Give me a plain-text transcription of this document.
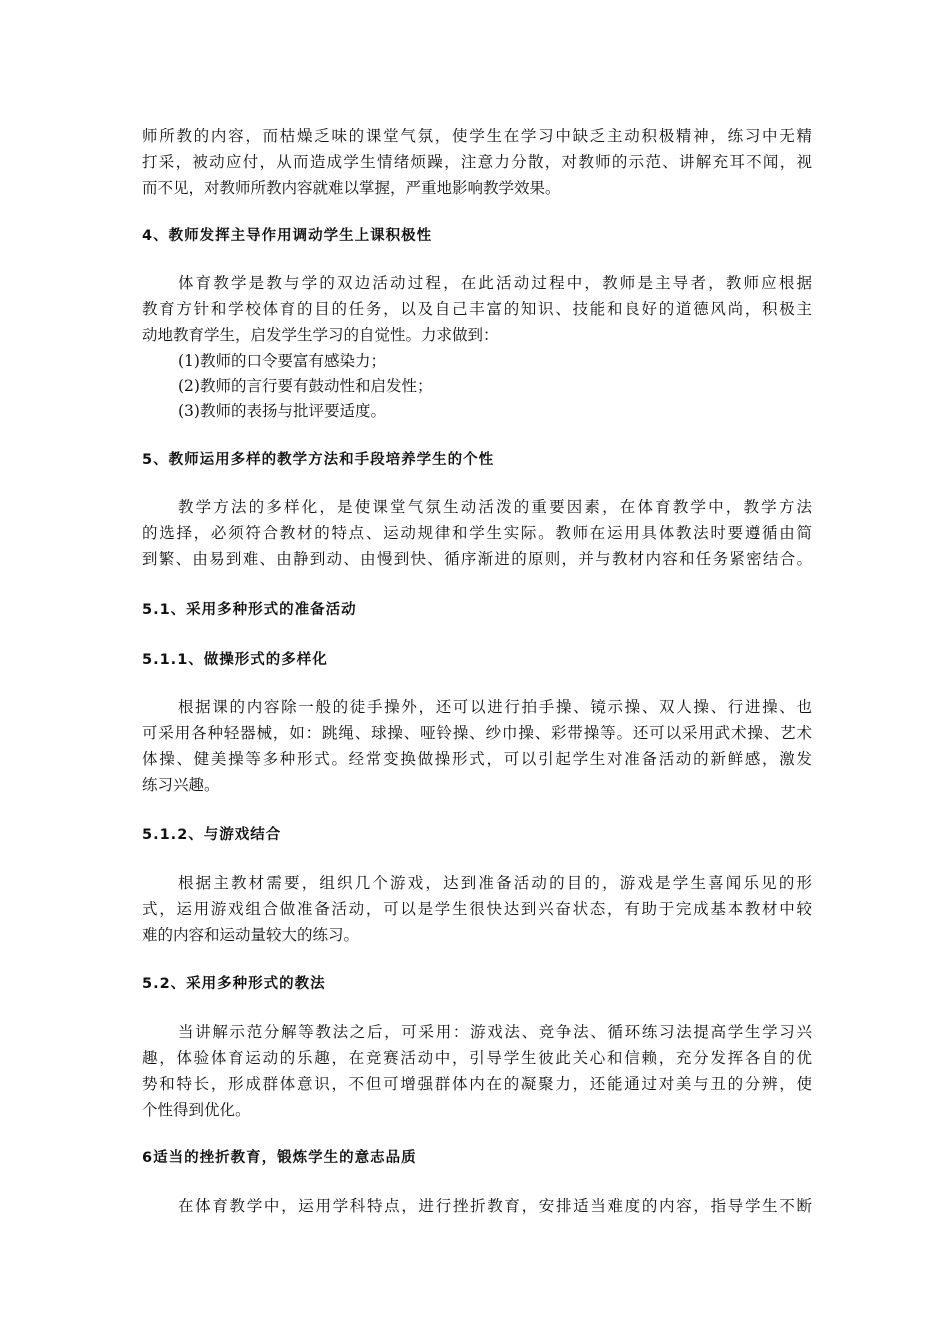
师所教的内容，而枯燥乏味的课堂气氛，使学生在学习中缺乏主动积极精神，练习中无精
打采，被动应付，从而造成学生情绪烦躁，注意力分散，对教师的示范、讲解充耳不闻，视
而不见，对教师所教内容就难以掌握，严重地影响教学效果。
4、教师发挥主导作用调动学生上课积极性
体育教学是教与学的双边活动过程，在此活动过程中，教师是主导者，教师应根据
教育方针和学校体育的目的任务，以及自己丰富的知识、技能和良好的道德风尚，积极主
动地教育学生，启发学生学习的自觉性。力求做到：
(1)教师的口令要富有感染力；
(2)教师的言行要有鼓动性和启发性；
(3)教师的表扬与批评要适度。
5、教师运用多样的教学方法和手段培养学生的个性
教学方法的多样化，是使课堂气氛生动活泼的重要因素，在体育教学中，教学方法
的选择，必须符合教材的特点、运动规律和学生实际。教师在运用具体教法时要遵循由简
到繁、由易到难、由静到动、由慢到快、循序渐进的原则，并与教材内容和任务紧密结合。
5.1、采用多种形式的准备活动
5.1.1、做操形式的多样化
根据课的内容除一般的徒手操外，还可以进行拍手操、镜示操、双人操、行进操、也
可采用各种轻器械，如：跳绳、球操、哑铃操、纱巾操、彩带操等。还可以采用武术操、艺术
体操、健美操等多种形式。经常变换做操形式，可以引起学生对准备活动的新鲜感，激发
练习兴趣。
5.1.2、与游戏结合
根据主教材需要，组织几个游戏，达到准备活动的目的，游戏是学生喜闻乐见的形
式，运用游戏组合做准备活动，可以是学生很快达到兴奋状态，有助于完成基本教材中较
难的内容和运动量较大的练习。
5.2、采用多种形式的教法
当讲解示范分解等教法之后，可采用：游戏法、竞争法、循环练习法提高学生学习兴
趣，体验体育运动的乐趣，在竞赛活动中，引导学生彼此关心和信赖，充分发挥各自的优
势和特长，形成群体意识，不但可增强群体内在的凝聚力，还能通过对美与丑的分辨，使
个性得到优化。
6适当的挫折教育，锻炼学生的意志品质
在体育教学中，运用学科特点，进行挫折教育，安排适当难度的内容，指导学生不断
